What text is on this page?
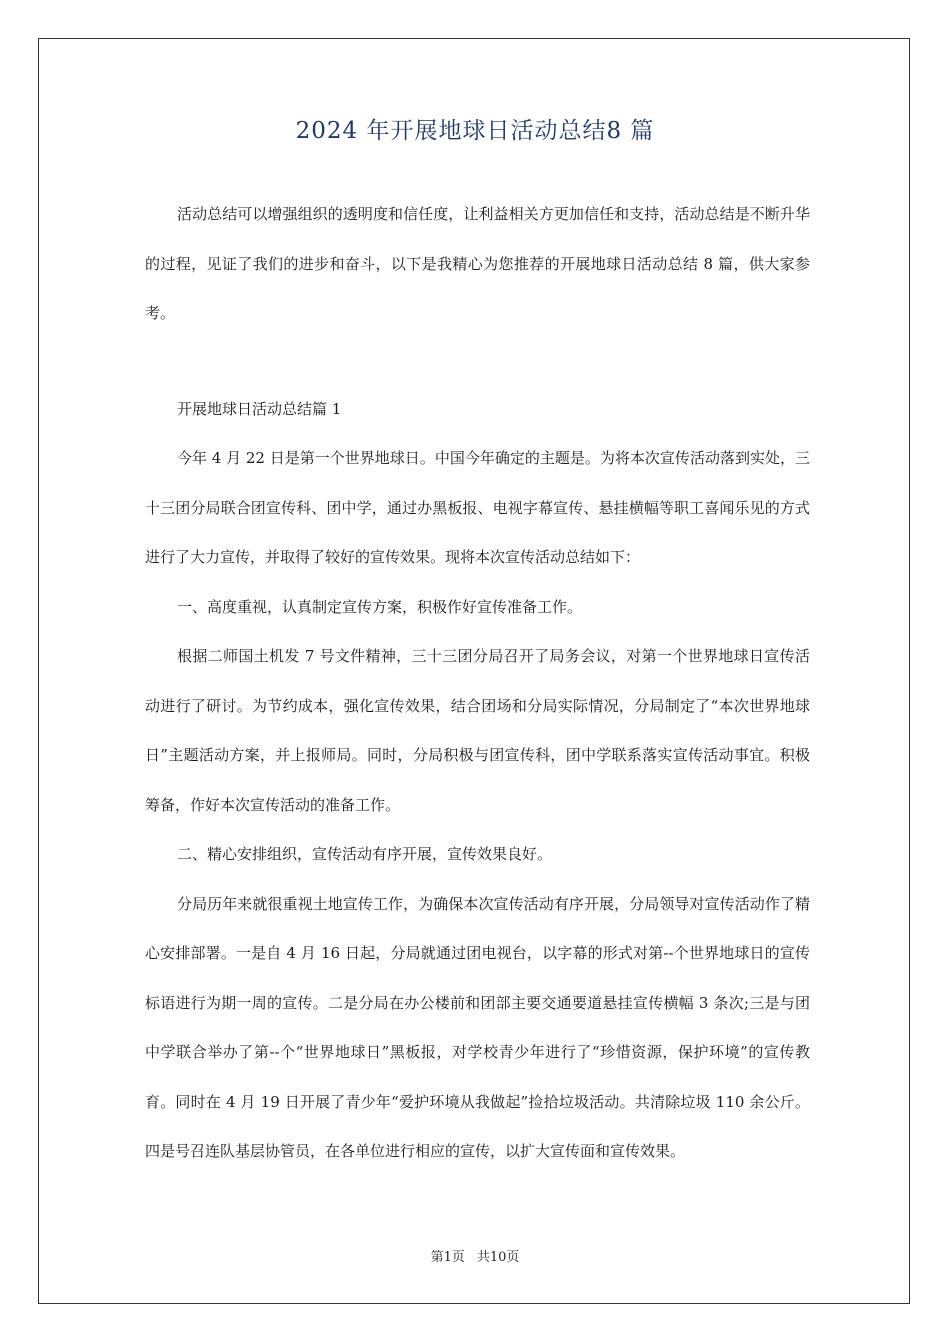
2024 年开展地球日活动总结8 篇

活动总结可以增强组织的透明度和信任度，让利益相关方更加信任和支持，活动总结是不断升华的过程，见证了我们的进步和奋斗，以下是我精心为您推荐的开展地球日活动总结 8 篇，供大家参考。

开展地球日活动总结篇 1

今年 4 月 22 日是第一个世界地球日。中国今年确定的主题是。为将本次宣传活动落到实处，三十三团分局联合团宣传科、团中学，通过办黑板报、电视字幕宣传、悬挂横幅等职工喜闻乐见的方式进行了大力宣传，并取得了较好的宣传效果。现将本次宣传活动总结如下：

一、高度重视，认真制定宣传方案，积极作好宣传准备工作。

根据二师国土机发 7 号文件精神，三十三团分局召开了局务会议，对第一个世界地球日宣传活动进行了研讨。为节约成本，强化宣传效果，结合团场和分局实际情况，分局制定了“本次世界地球日”主题活动方案，并上报师局。同时，分局积极与团宣传科，团中学联系落实宣传活动事宜。积极筹备，作好本次宣传活动的准备工作。

二、精心安排组织，宣传活动有序开展，宣传效果良好。

分局历年来就很重视土地宣传工作，为确保本次宣传活动有序开展，分局领导对宣传活动作了精心安排部署。一是自 4 月 16 日起，分局就通过团电视台，以字幕的形式对第--个世界地球日的宣传标语进行为期一周的宣传。二是分局在办公楼前和团部主要交通要道悬挂宣传横幅 3 条次;三是与团中学联合举办了第--个“世界地球日”黑板报，对学校青少年进行了“珍惜资源，保护环境”的宣传教育。同时在 4 月 19 日开展了青少年“爱护环境从我做起”捡拾垃圾活动。共清除垃圾 110 余公斤。四是号召连队基层协管员，在各单位进行相应的宣传，以扩大宣传面和宣传效果。

第1页 共10页
